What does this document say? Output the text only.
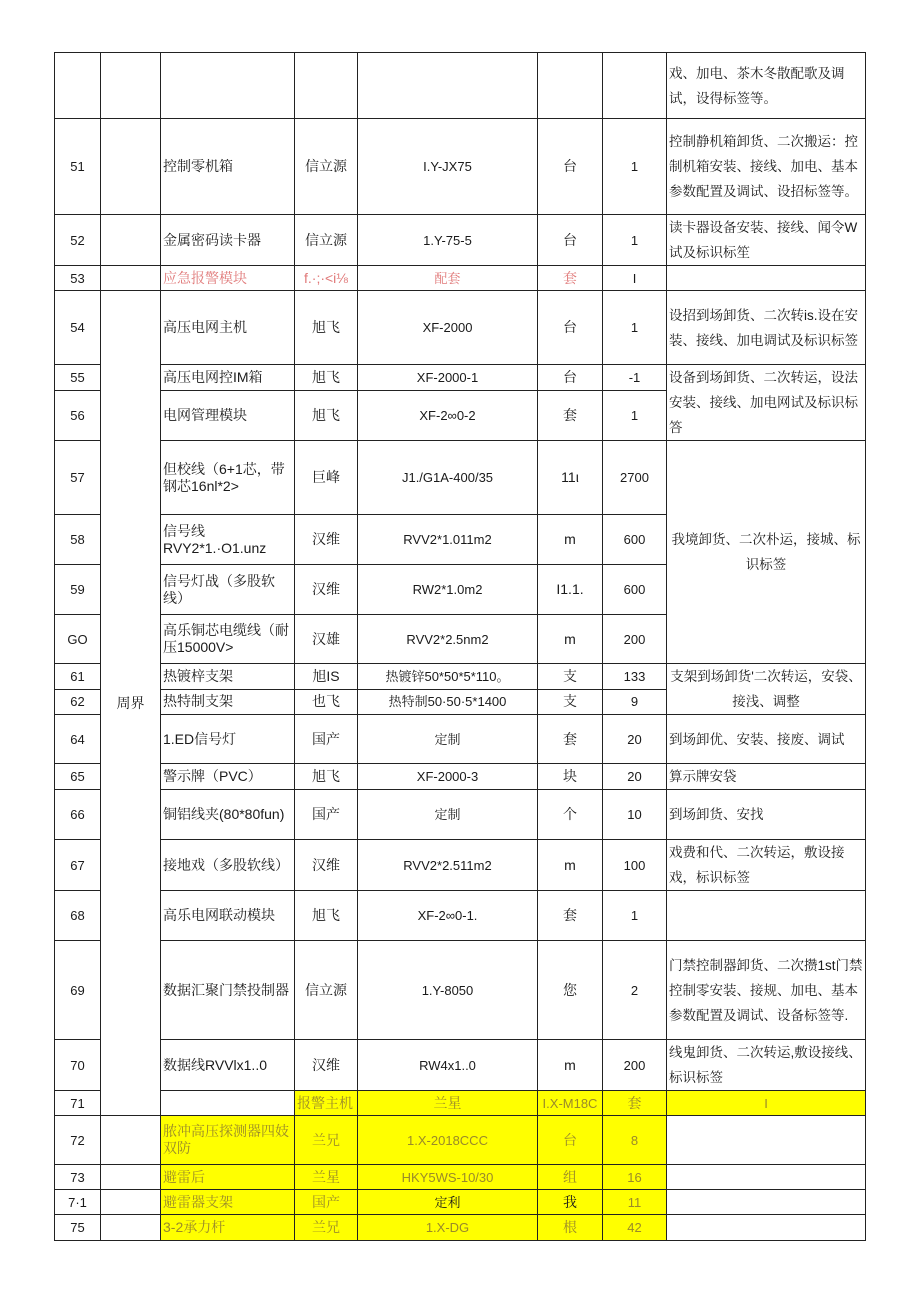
							戏、加电、茶木冬散配歌及调试，设得标签等。	
51		控制零机箱	信立源	I.Y-JX75	台	1	控制静机箱卸货、二次搬运：控制机箱安装、接线、加电、基本参数配置及调试、设招标签等。	
52		金属密码读卡器	信立源	1.Y-75-5	台	1	读卡器设备安装、接线、闻令W试及标识标笙	
53		应急报警模块	f.·;·<i⅛	配套	套	I		
54	周界	高压电网主机	旭飞	XF-2000	台	1	设招到场卸货、二次转is.设在安装、接线、加电调试及标识标签	
55		高压电网控IM箱	旭飞	XF-2000-1	台	-1	设备到场卸货、二次转运，设法安装、接线、加电网试及标识标答	
56		电网管理模块	旭飞	XF-2∞0-2	套	1		
57		但校线（6+1芯，带钢芯16nl*2>	巨峰	J1./G1A-400/35	11ι	2700	我境卸货、二次朴运，接城、标识标签	
58		信号线RVY2*1.·O1.unz	汉维	RVV2*1.011m2	m	600		
59		信号灯战（多股软线）	汉维	RW2*1.0m2	I1.1.	600		
GO		高乐铜芯电缆线（耐压15000V>	汉雄	RVV2*2.5nm2	m	200		
61		热镀梓支架	旭IS	热镀锌50*50*5*110。	支	133	支架到场卸货'二次转运，安袋、接浅、调整	
62		热特制支架	也飞	热特制50·50·5*1400	支	9		
64		1.ED信号灯	国产	定制	套	20	到场卸优、安装、接废、调试	
65		警示牌（PVC）	旭飞	XF-2000-3	块	20	算示牌安袋	
66		铜铝线夹(80*80fun)	国产	定制	个	10	到场卸货、安找	
67		接地戏（多股软线）	汉维	RVV2*2.511m2	m	100	戏费和代、二次转运，敷设接戏，标识标签	
68		高乐电网联动模块	旭飞	XF-2∞0-1.	套	1		
69		数据汇聚门禁投制器	信立源	1.Y-8050	您	2	门禁控制器卸货、二次攒1st门禁控制零安装、接规、加电、基本参数配置及调试、设备标签等.	
70		数据线RVVlx1..0	汉维	RW4x1..0	m	200	线鬼卸货、二次转运,敷设接线、标识标签	
71			报警主机	兰星	I.X-M18C	套	I	
72		脓冲高压探测器四妓双防	兰兄	1.X-2018CCC	台	8		
73		避雷后	兰星	HKY5WS-10/30	组	16		
7·1		避雷器支架	国产	定利	我	11		
75		3-2承力杆	兰兄	1.X-DG	根	42		
